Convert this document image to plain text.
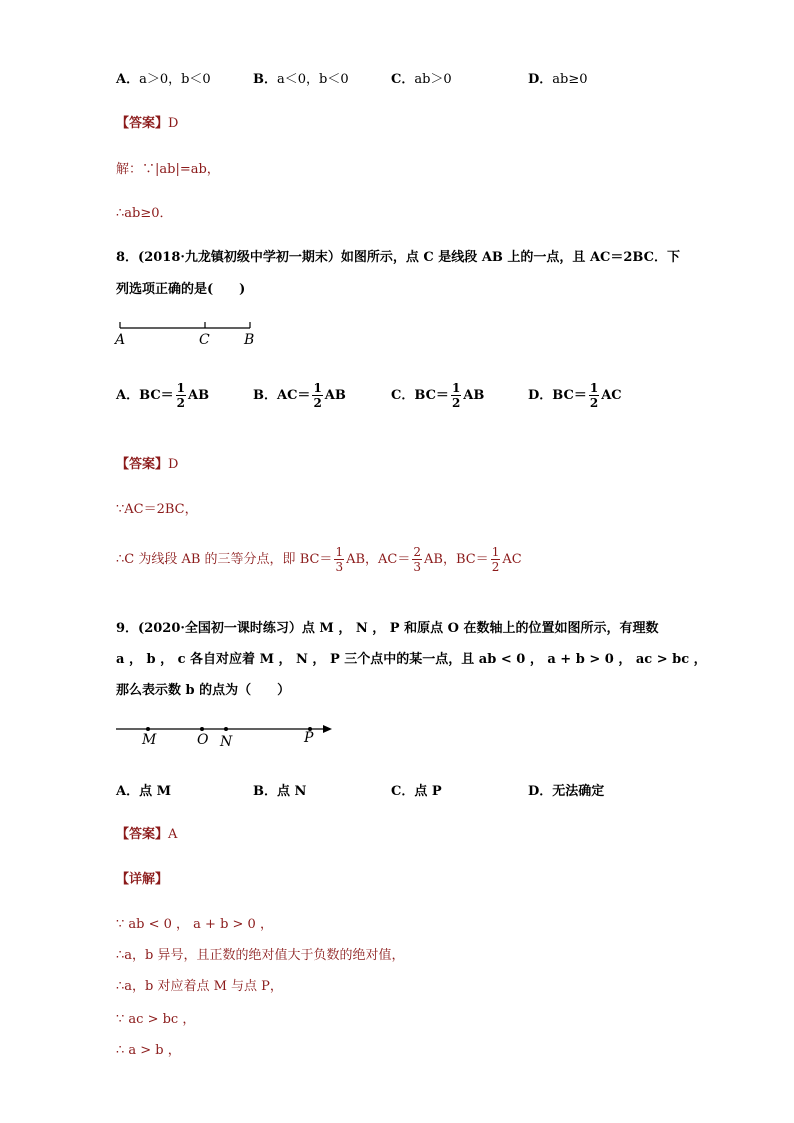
A．a＞0，b＜0	B．a＜0，b＜0	C．ab＞0	D．ab≥0
【答案】D
解：∵|ab|=ab，
∴ab≥0．
8．(2018·九龙镇初级中学初一期末）如图所示，点 C 是线段 AB 上的一点，且 AC＝2BC．下
列选项正确的是(　　)
A	C B
A．$BC= \frac{1}{2}$ AB	B．$AC= \frac{1}{2}$ AB	C．$BC= \frac{1}{2}$ AB	D．$BC= \frac{1}{2}$ AC
【答案】D
∵AC＝2BC，
∴C 为线段 AB 的三等分点，即 $BC= \frac{1}{3}$ AB，$AC= \frac{2}{3}$ AB，$BC= \frac{1}{2}$ AC
9．(2020·全国初一课时练习）点 M ， N ， P 和原点 O 在数轴上的位置如图所示，有理数
a ， b ， c 各自对应着 M ， N ， P 三个点中的某一点，且 ab < 0 ， a + b > 0 ， ac > bc ，
那么表示数 b 的点为（　　）
M	O N	P
A．点 M	B．点 N	C．点 P	D．无法确定
【答案】A
【详解】
∵ ab < 0 ， a + b > 0 ，
∴a，b 异号，且正数的绝对值大于负数的绝对值，
∴a，b 对应着点 M 与点 P，
∵ ac > bc ，
∴ a > b ，
